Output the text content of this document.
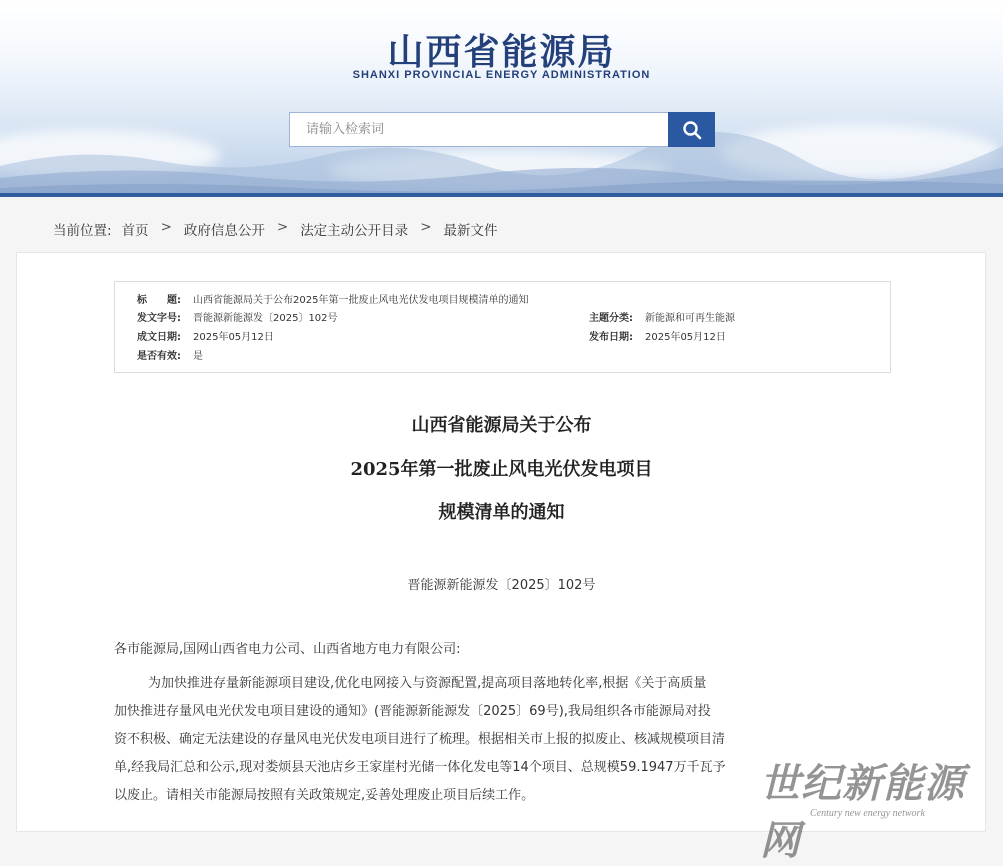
山西省能源局
SHANXI PROVINCIAL ENERGY ADMINISTRATION
请输入检索词
当前位置: 首页 > 政府信息公开 > 法定主动公开目录 > 最新文件
标　　题:	山西省能源局关于公布2025年第一批废止风电光伏发电项目规模清单的通知
发文字号:	晋能源新能源发〔2025〕102号	主题分类:	新能源和可再生能源
成文日期:	2025年05月12日	发布日期:	2025年05月12日
是否有效:	是
山西省能源局关于公布
2025年第一批废止风电光伏发电项目
规模清单的通知
晋能源新能源发〔2025〕102号
各市能源局,国网山西省电力公司、山西省地方电力有限公司:
为加快推进存量新能源项目建设,优化电网接入与资源配置,提高项目落地转化率,根据《关于高质量
加快推进存量风电光伏发电项目建设的通知》(晋能源新能源发〔2025〕69号),我局组织各市能源局对投
资不积极、确定无法建设的存量风电光伏发电项目进行了梳理。根据相关市上报的拟废止、核减规模项目清
单,经我局汇总和公示,现对娄烦县天池店乡王家崖村光储一体化发电等14个项目、总规模59.1947万千瓦予
以废止。请相关市能源局按照有关政策规定,妥善处理废止项目后续工作。	世纪新能源网
Century new energy network
